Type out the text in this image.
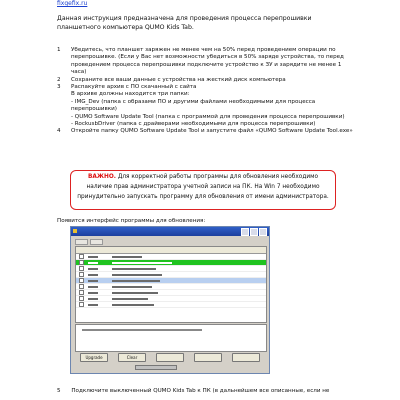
fixgefix.ru
Данная инструкция предназначена для проведения процесса перепрошивки планшетного компьютера QUMO Kids Tab.
1 Убедитесь, что планшет заряжен не менее чем на 50% перед проведением операции по перепрошивке. (Если у Вас нет возможности убедиться в 50% заряде устройства, то перед проведением процесса перепрошивки подключите устройство к ЗУ и зарядите не менее 1 часа)
2 Сохраните все ваши данные с устройства на жесткий диск компьютера
3 Распакуйте архив с ПО скачанный с сайта
В архиве должны находится три папки:
- IMG_Dev (папка с образами ПО и другими файлами необходимыми для процесса перепрошивки)
- QUMO Software Update Tool (папка с программой для проведения процесса перепрошивки)
- RockusbDriver (папка с драйверами необходимыми для процесса перепрошивки)
4 Откройте папку QUMO Software Update Tool и запустите файл «QUMO Software Update Tool.exe»
ВАЖНО. Для корректной работы программы для обновления необходимо наличие прав администратора учетной записи на ПК. На Win 7 необходимо принудительно запускать программу для обновления от имени администратора.
Появится интерфейс программы для обновления:

Upgrade	Clear
5 Подключите выключенный QUMO Kids Tab к ПК (в дальнейшем все описанные, если не
